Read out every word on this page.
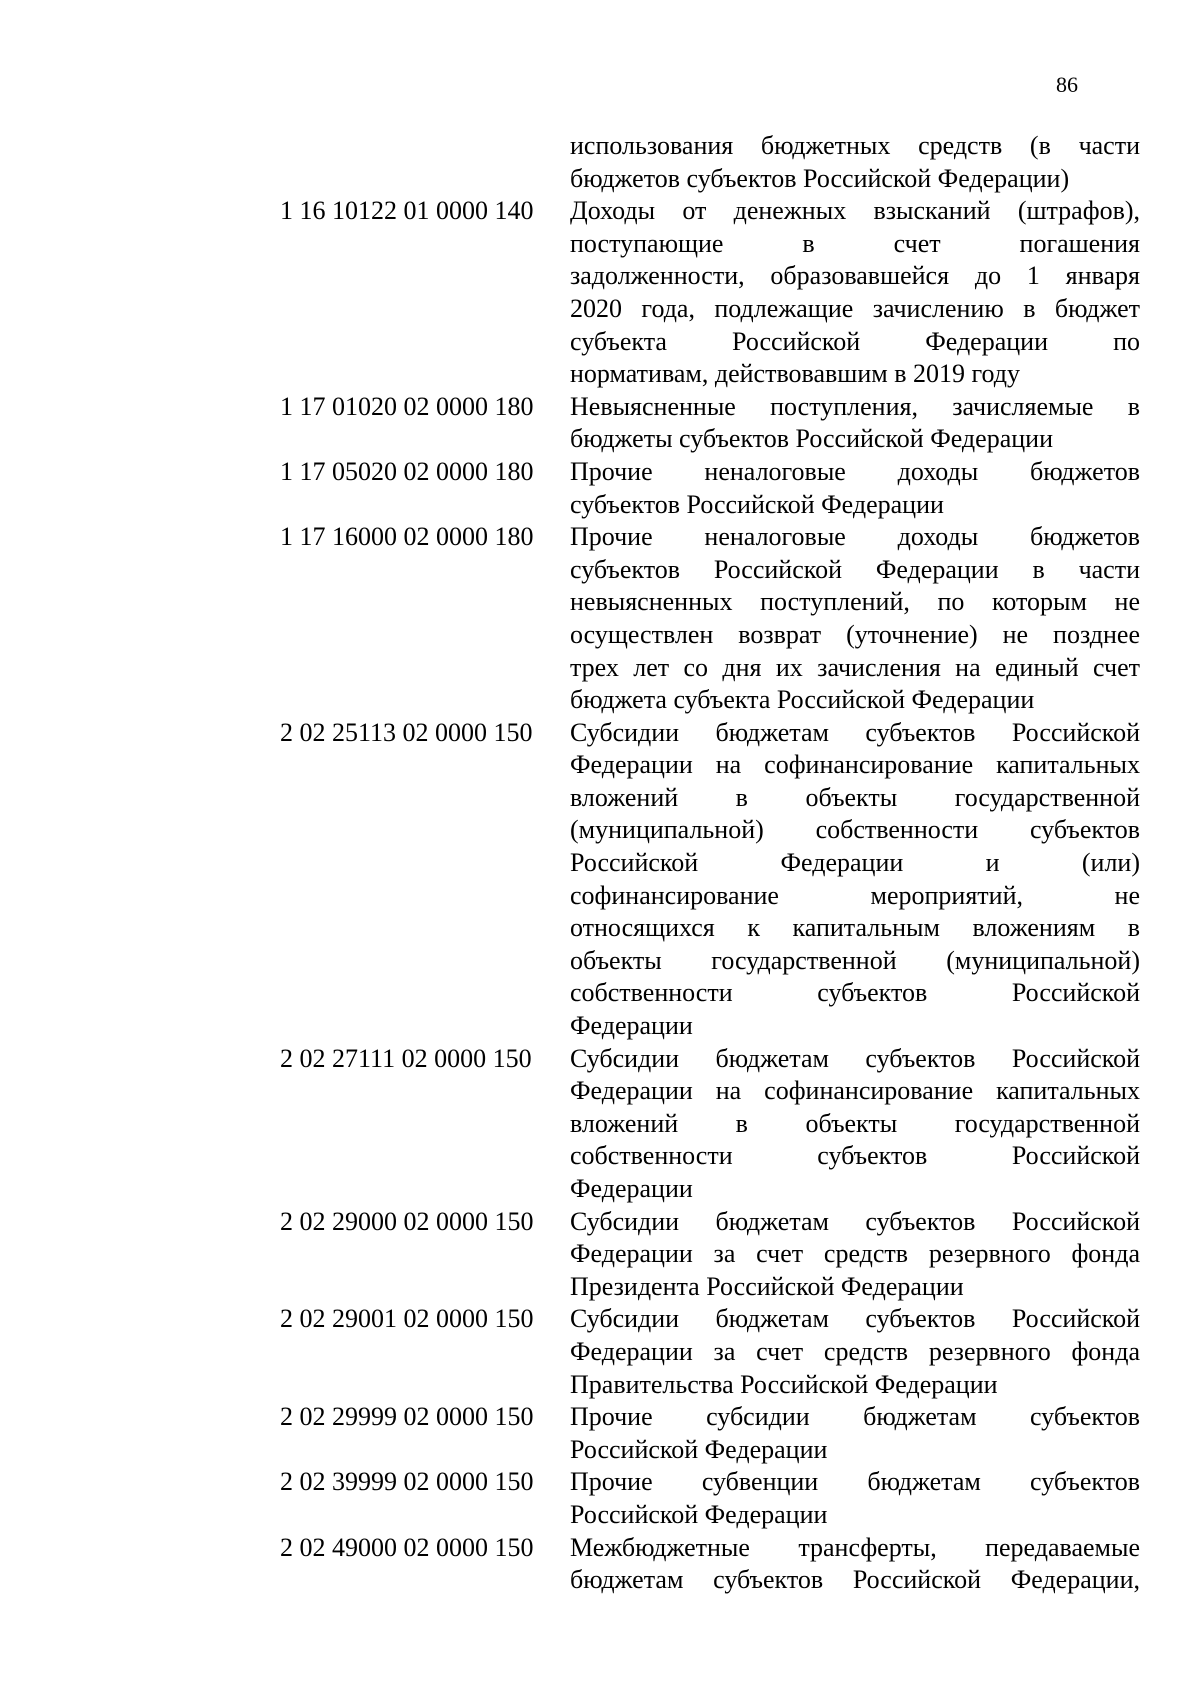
86
использования бюджетных средств (в части
бюджетов субъектов Российской Федерации)
1 16 10122 01 0000 140	Доходы от денежных взысканий (штрафов),
поступающие в счет погашения
задолженности, образовавшейся до 1 января
2020 года, подлежащие зачислению в бюджет
субъекта Российской Федерации по
нормативам, действовавшим в 2019 году
1 17 01020 02 0000 180	Невыясненные поступления, зачисляемые в
бюджеты субъектов Российской Федерации
1 17 05020 02 0000 180	Прочие неналоговые доходы бюджетов
субъектов Российской Федерации
1 17 16000 02 0000 180	Прочие неналоговые доходы бюджетов
субъектов Российской Федерации в части
невыясненных поступлений, по которым не
осуществлен возврат (уточнение) не позднее
трех лет со дня их зачисления на единый счет
бюджета субъекта Российской Федерации
2 02 25113 02 0000 150	Субсидии бюджетам субъектов Российской
Федерации на софинансирование капитальных
вложений в объекты государственной
(муниципальной) собственности субъектов
Российской Федерации и (или)
софинансирование мероприятий, не
относящихся к капитальным вложениям в
объекты государственной (муниципальной)
собственности субъектов Российской
Федерации
2 02 27111 02 0000 150	Субсидии бюджетам субъектов Российской
Федерации на софинансирование капитальных
вложений в объекты государственной
собственности субъектов Российской
Федерации
2 02 29000 02 0000 150	Субсидии бюджетам субъектов Российской
Федерации за счет средств резервного фонда
Президента Российской Федерации
2 02 29001 02 0000 150	Субсидии бюджетам субъектов Российской
Федерации за счет средств резервного фонда
Правительства Российской Федерации
2 02 29999 02 0000 150	Прочие субсидии бюджетам субъектов
Российской Федерации
2 02 39999 02 0000 150	Прочие субвенции бюджетам субъектов
Российской Федерации
2 02 49000 02 0000 150	Межбюджетные трансферты, передаваемые
бюджетам субъектов Российской Федерации,
